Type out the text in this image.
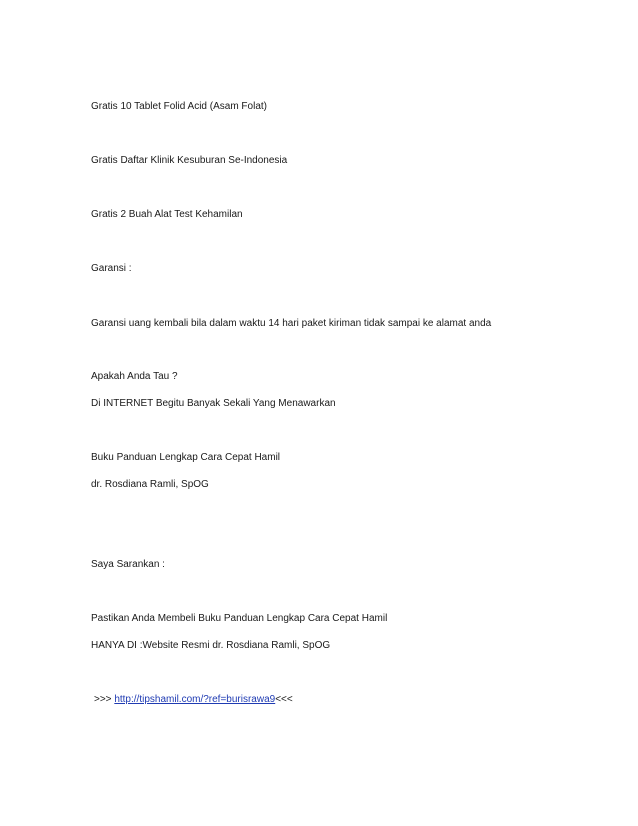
Gratis 10 Tablet Folid Acid (Asam Folat)
Gratis Daftar Klinik Kesuburan Se-Indonesia
Gratis 2 Buah Alat Test Kehamilan
Garansi :
Garansi uang kembali bila dalam waktu 14 hari paket kiriman tidak sampai ke alamat anda
Apakah Anda Tau ?
Di INTERNET Begitu Banyak Sekali Yang Menawarkan
Buku Panduan Lengkap Cara Cepat Hamil
dr. Rosdiana Ramli, SpOG
Saya Sarankan :
Pastikan Anda Membeli Buku Panduan Lengkap Cara Cepat Hamil
HANYA DI :Website Resmi dr. Rosdiana Ramli, SpOG
>>> http://tipshamil.com/?ref=burisrawa9<<<
